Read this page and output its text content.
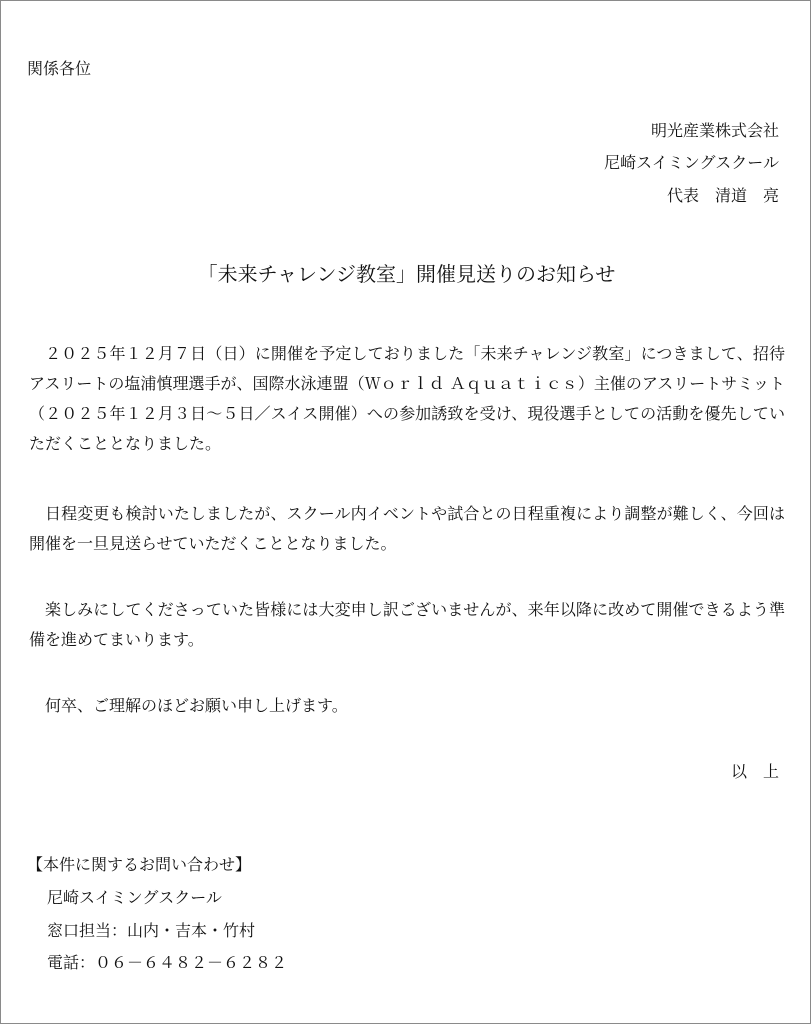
関係各位

明光産業株式会社

尼崎スイミングスクール

代表　清道　亮

「未来チャレンジ教室」開催見送りのお知らせ

２０２５年１２月７日（日）に開催を予定しておりました「未来チャレンジ教室」につきまして、招待アスリートの塩浦慎理選手が、国際水泳連盟（Ｗｏｒｌｄ Ａｑｕａｔｉｃｓ）主催のアスリートサミット（２０２５年１２月３日〜５日／スイス開催）への参加誘致を受け、現役選手としての活動を優先していただくこととなりました。

日程変更も検討いたしましたが、スクール内イベントや試合との日程重複により調整が難しく、今回は開催を一旦見送らせていただくこととなりました。

楽しみにしてくださっていた皆様には大変申し訳ございませんが、来年以降に改めて開催できるよう準備を進めてまいります。

何卒、ご理解のほどお願い申し上げます。

以　上

【本件に関するお問い合わせ】

尼崎スイミングスクール

窓口担当：山内・吉本・竹村

電話：０６－６４８２－６２８２
